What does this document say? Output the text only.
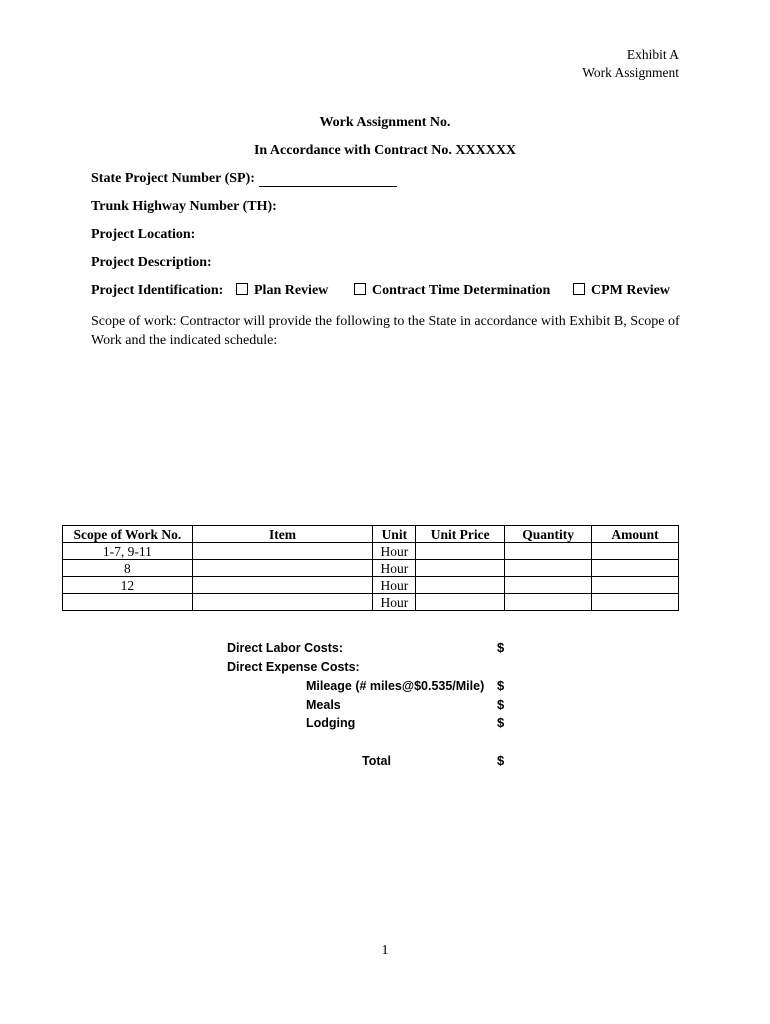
Exhibit A
Work Assignment
Work Assignment No.
In Accordance with Contract No. XXXXXX
State Project Number (SP):
Trunk Highway Number (TH):
Project Location:
Project Description:
Project Identification:	Plan Review	Contract Time Determination	CPM Review
Scope of work: Contractor will provide the following to the State in accordance with Exhibit B, Scope of Work and the indicated schedule:
Scope of Work No.	Item	Unit	Unit Price	Quantity	Amount
1-7, 9-11		Hour			
8		Hour			
12		Hour			
		Hour			
Direct Labor Costs:	$
Direct Expense Costs:
Mileage (# miles@$0.535/Mile) $
Meals	$
Lodging	$
Total	$
1
